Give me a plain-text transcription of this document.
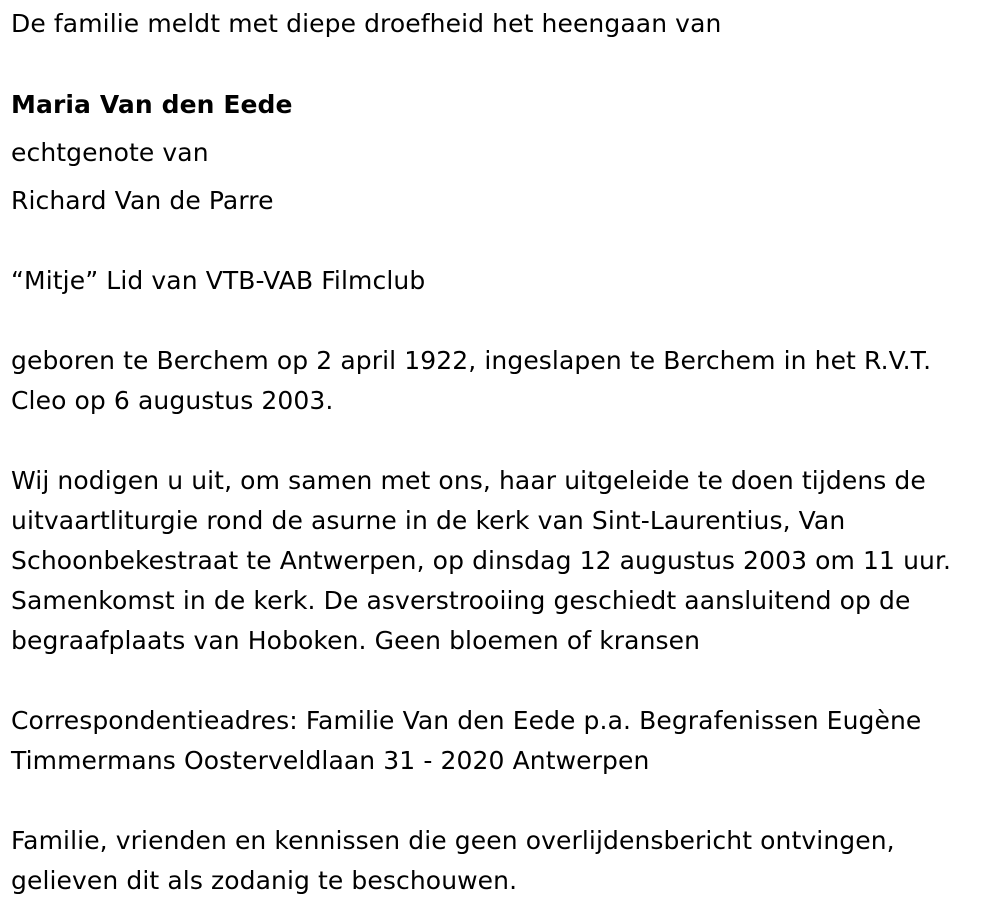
De familie meldt met diepe droefheid het heengaan van
Maria Van den Eede
echtgenote van
Richard Van de Parre
“Mitje” Lid van VTB-VAB Filmclub
geboren te Berchem op 2 april 1922, ingeslapen te Berchem in het R.V.T.
Cleo op 6 augustus 2003.
Wij nodigen u uit, om samen met ons, haar uitgeleide te doen tijdens de
uitvaartliturgie rond de asurne in de kerk van Sint-Laurentius, Van
Schoonbekestraat te Antwerpen, op dinsdag 12 augustus 2003 om 11 uur.
Samenkomst in de kerk. De asverstrooiing geschiedt aansluitend op de
begraafplaats van Hoboken. Geen bloemen of kransen
Correspondentieadres: Familie Van den Eede p.a. Begrafenissen Eugène
Timmermans Oosterveldlaan 31 - 2020 Antwerpen
Familie, vrienden en kennissen die geen overlijdensbericht ontvingen,
gelieven dit als zodanig te beschouwen.
